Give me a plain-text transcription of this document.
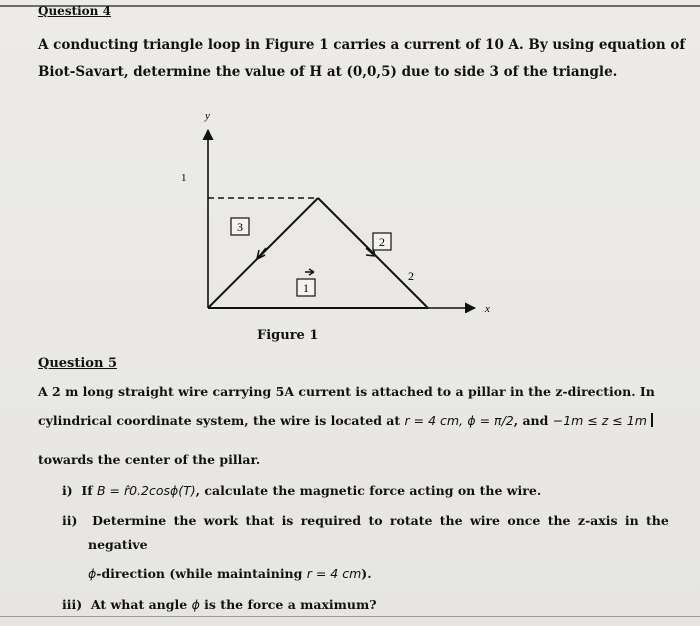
Question 4
A conducting triangle loop in Figure 1 carries a current of 10 A. By using equation of
Biot-Savart, determine the value of H at (0,0,5) due to side 3 of the triangle.
3
2
1
y
1
2
x
Figure 1
Question 5
A 2 m long straight wire carrying 5A current is attached to a pillar in the z-direction. In
cylindrical coordinate system, the wire is located at r = 4 cm, ϕ = π/2, and −1m ≤ z ≤ 1m
towards the center of the pillar.
i) If B = r̂0.2cosϕ(T), calculate the magnetic force acting on the wire.
ii) Determine the work that is required to rotate the wire once the z-axis in the
negative
ϕ-direction (while maintaining r = 4 cm).
iii) At what angle ϕ is the force a maximum?
